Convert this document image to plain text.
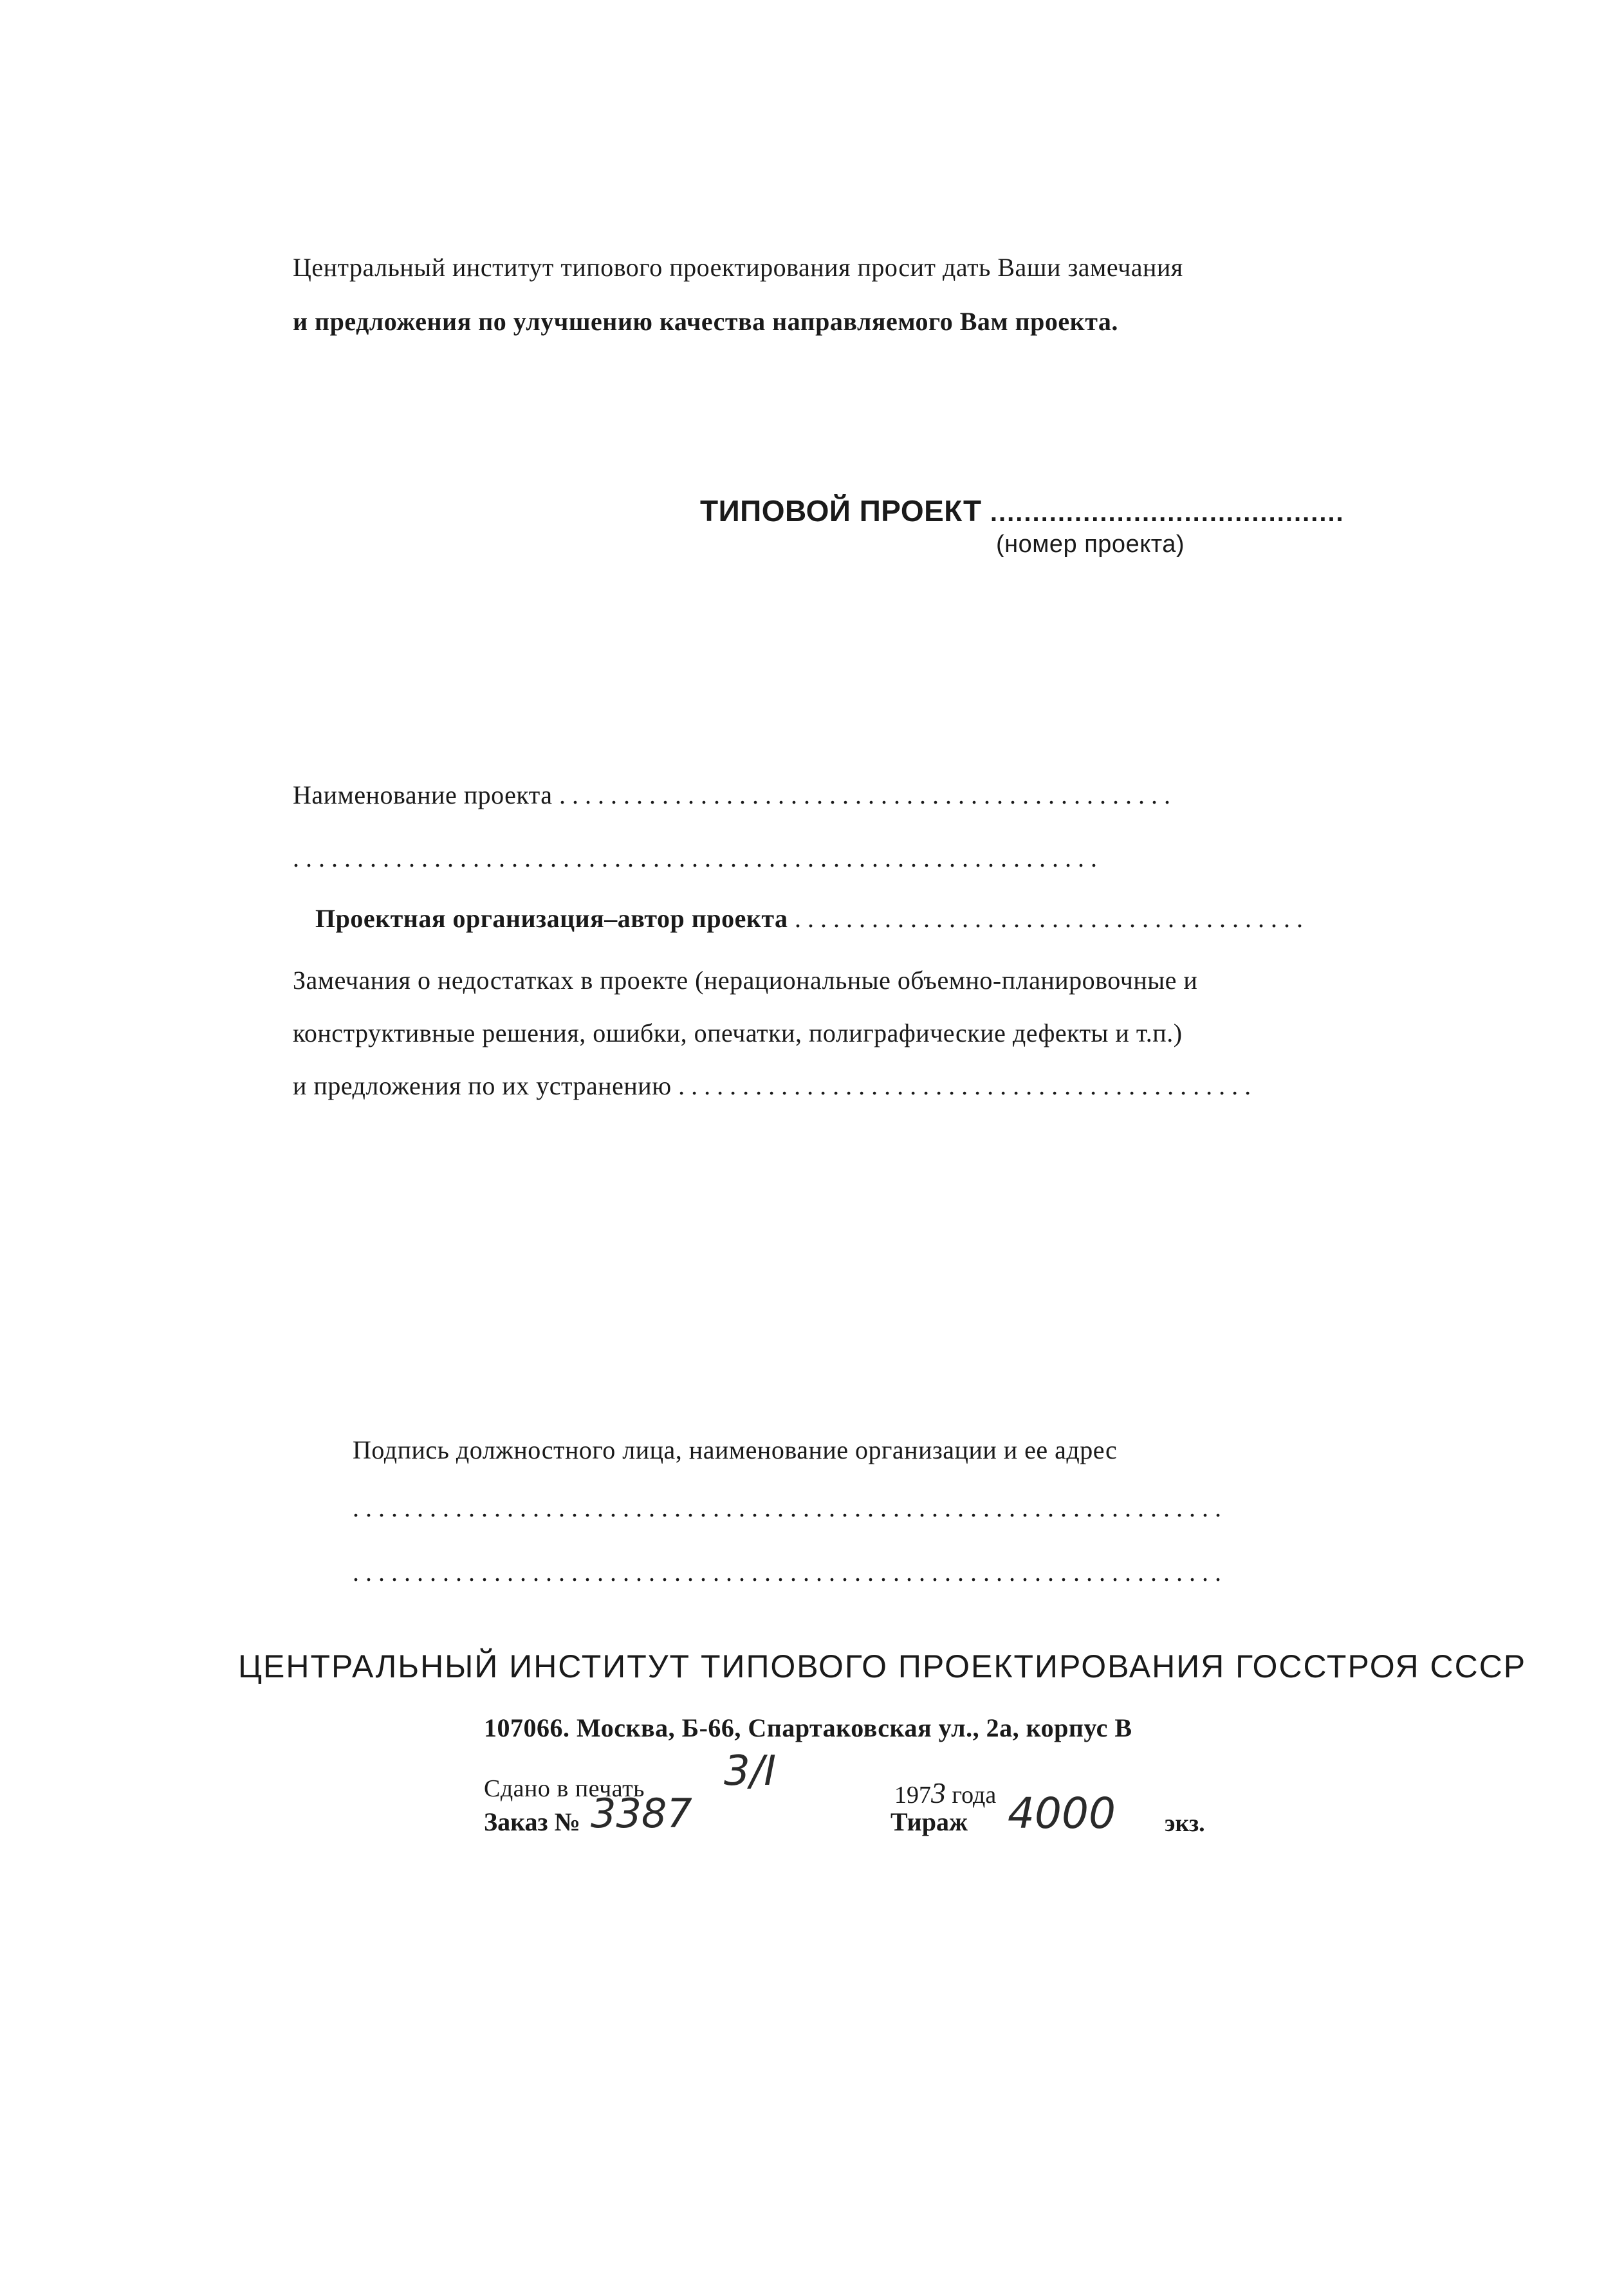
Центральный институт типового проектирования просит дать Ваши замечания
и предложения по улучшению качества направляемого Вам проекта.
ТИПОВОЙ ПРОЕКТ ..........................................
(номер проекта)
Наименование проекта ................................................
...............................................................
Проектная организация–автор проекта ........................................
Замечания о недостатках в проекте (нерациональные объемно-планировочные и
конструктивные решения, ошибки, опечатки, полиграфические дефекты и т.п.)
и предложения по их устранению .............................................
Подпись должностного лица, наименование организации и ее адрес
....................................................................
....................................................................
ЦЕНТРАЛЬНЫЙ ИНСТИТУТ ТИПОВОГО ПРОЕКТИРОВАНИЯ ГОССТРОЯ СССР
107066. Москва, Б-66, Спартаковская ул., 2а, корпус В
Сдано в печать 3/I	1973 года
Заказ № 3387	Тираж 4000 экз.
